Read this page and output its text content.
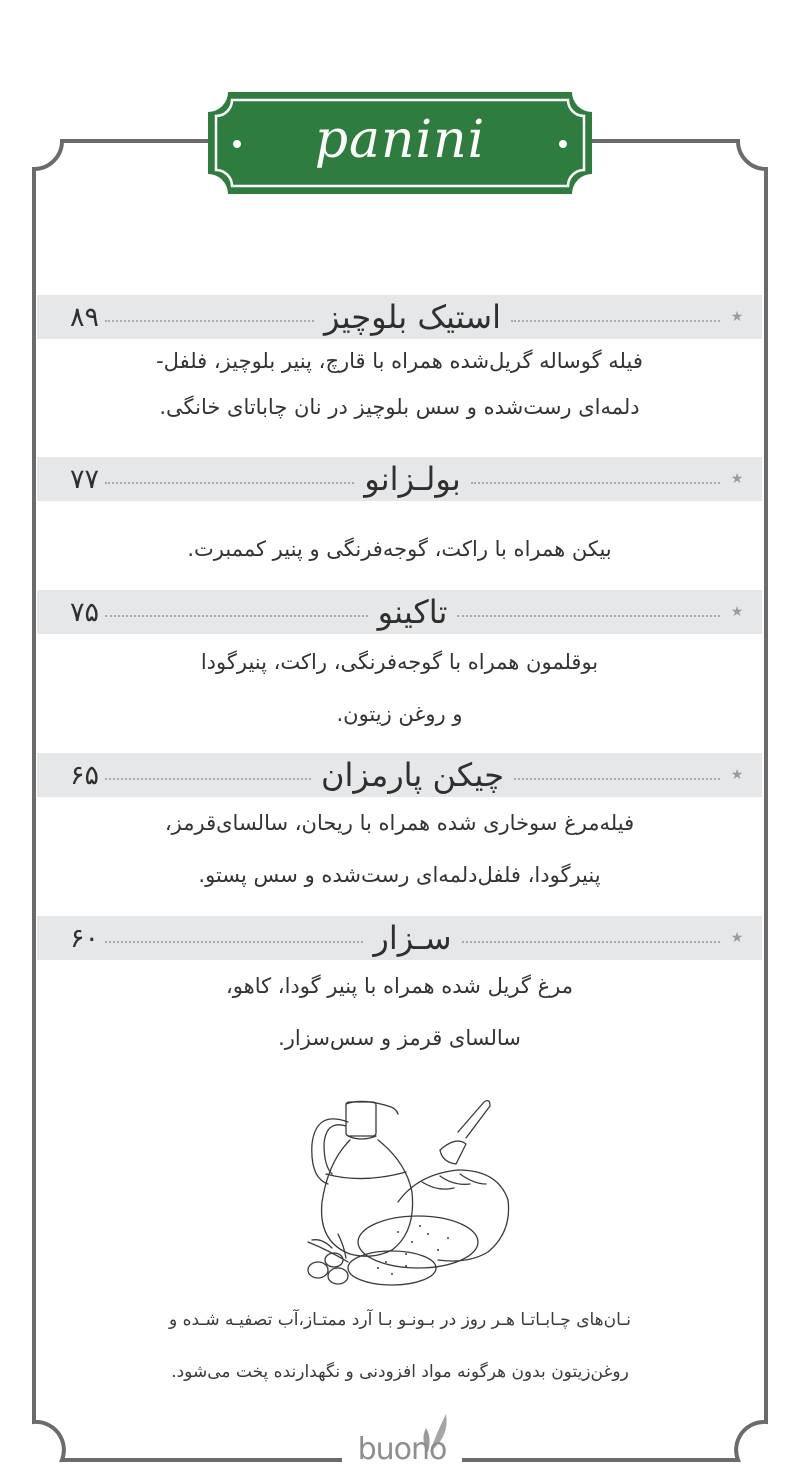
panini
۸۹	استیک بلوچیز	★
فیله گوساله گریل‌شده همراه با قارچ، پنیر بلوچیز، فلفل-
دلمه‌ای رست‌شده و سس بلوچیز در نان چاباتای خانگی.
۷۷	بولـزانو	★
بیکن همراه با راکت، گوجه‌فرنگی و پنیر کممبرت.
۷۵	تاکینو	★
بوقلمون همراه با گوجه‌فرنگی، راکت، پنیرگودا
و روغن زیتون.
۶۵	چیکن پارمزان	★
فیله‌مرغ سوخاری شده همراه با ریحان، سالسای‌قرمز،
پنیرگودا، فلفل‌دلمه‌ای رست‌شده و سس پستو.
۶۰	سـزار	★
مرغ گریل شده همراه با پنیر گودا، کاهو،
سالسای قرمز و سس‌سزار.
نـان‌های چـابـاتـا هـر روز در بـونـو بـا آرد ممتـاز،آب تصفیـه شـده و
روغن‌زیتون بدون هرگونه مواد افزودنی و نگهدارنده پخت می‌شود.
buono
